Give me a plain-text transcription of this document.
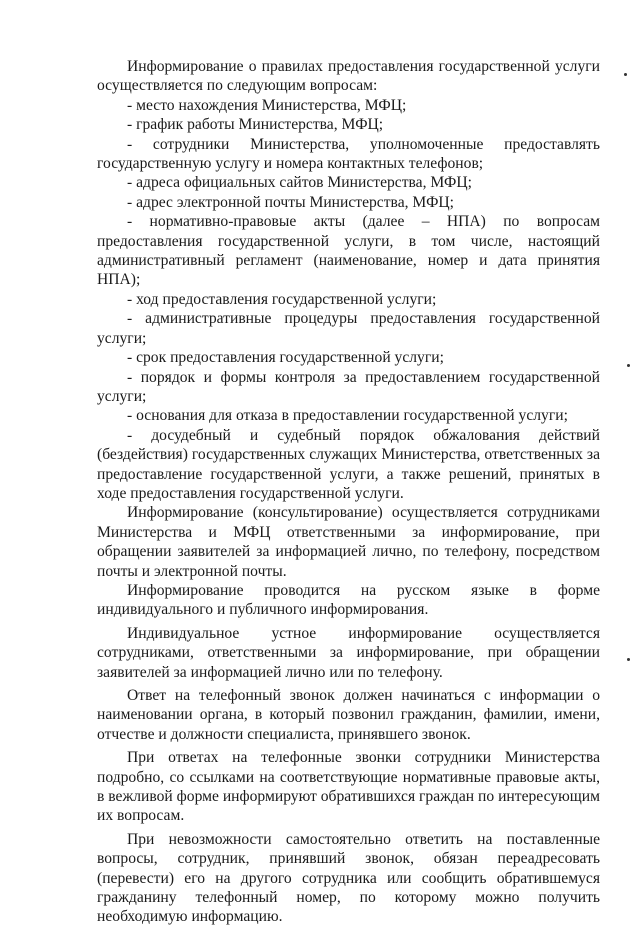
Информирование о правилах предоставления государственной услуги осуществляется по следующим вопросам:

- место нахождения Министерства, МФЦ;

- график работы Министерства, МФЦ;

- сотрудники Министерства, уполномоченные предоставлять государственную услугу и номера контактных телефонов;

- адреса официальных сайтов Министерства, МФЦ;

- адрес электронной почты Министерства, МФЦ;

- нормативно-правовые акты (далее – НПА) по вопросам предоставления государственной услуги, в том числе, настоящий административный регламент (наименование, номер и дата принятия НПА);

- ход предоставления государственной услуги;

- административные процедуры предоставления государственной услуги;

- срок предоставления государственной услуги;

- порядок и формы контроля за предоставлением государственной услуги;

- основания для отказа в предоставлении государственной услуги;

- досудебный и судебный порядок обжалования действий (бездействия) государственных служащих Министерства, ответственных за предоставление государственной услуги, а также решений, принятых в ходе предоставления государственной услуги.

Информирование (консультирование) осуществляется сотрудниками Министерства и МФЦ ответственными за информирование, при обращении заявителей за информацией лично, по телефону, посредством почты и электронной почты.

Информирование проводится на русском языке в форме индивидуального и публичного информирования.

Индивидуальное устное информирование осуществляется сотрудниками, ответственными за информирование, при обращении заявителей за информацией лично или по телефону.

Ответ на телефонный звонок должен начинаться с информации о наименовании органа, в который позвонил гражданин, фамилии, имени, отчестве и должности специалиста, принявшего звонок.

При ответах на телефонные звонки сотрудники Министерства подробно, со ссылками на соответствующие нормативные правовые акты, в вежливой форме информируют обратившихся граждан по интересующим их вопросам.

При невозможности самостоятельно ответить на поставленные вопросы, сотрудник, принявший звонок, обязан переадресовать (перевести) его на другого сотрудника или сообщить обратившемуся гражданину телефонный номер, по которому можно получить необходимую информацию.
